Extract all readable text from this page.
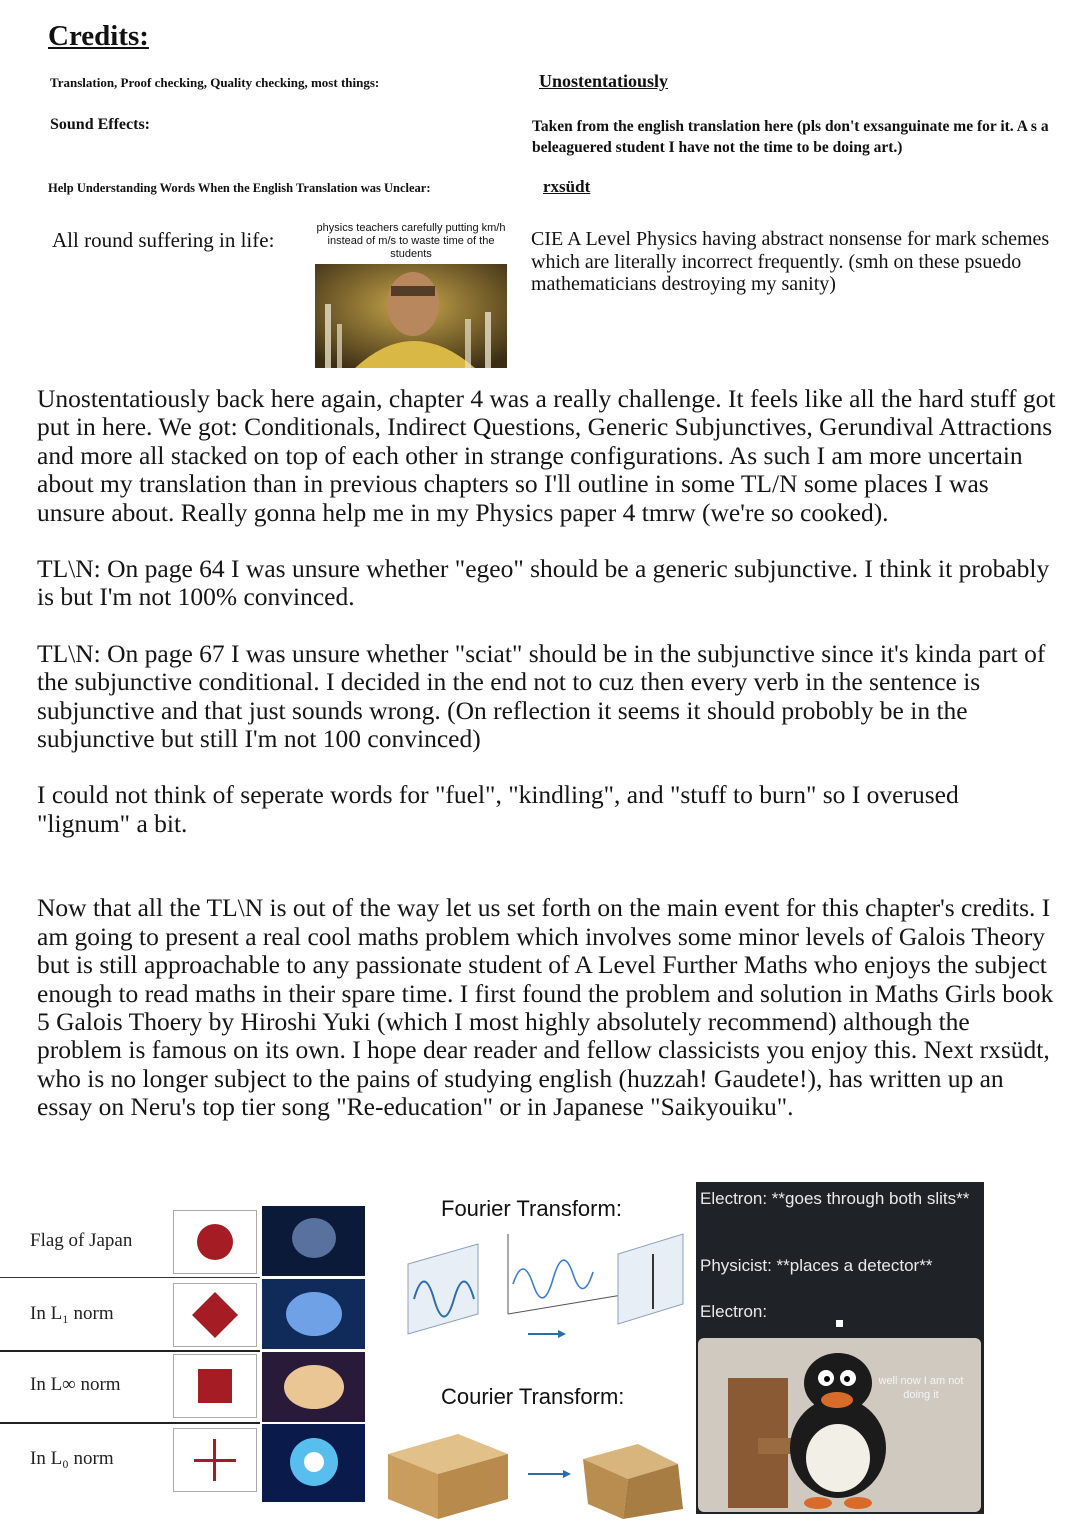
Credits:
Translation, Proof checking, Quality checking, most things:	Unostentatiously
Sound Effects:	Taken from the english translation here (pls don't exsanguinate me for it. A s a beleaguered student I have not the time to be doing art.)
Help Understanding Words When the English Translation was Unclear:	rxsüdt
All round suffering in life:	CIE A Level Physics having abstract nonsense for mark schemes which are literally incorrect frequently. (smh on these psuedo mathematicians destroying my sanity)
physics teachers carefully putting km/h instead of m/s to waste time of the students

Unostentatiously back here again, chapter 4 was a really challenge. It feels like all the hard stuff got put in here. We got: Conditionals, Indirect Questions, Generic Subjunctives, Gerundival Attractions and more all stacked on top of each other in strange configurations. As such I am more uncertain about my translation than in previous chapters so I'll outline in some TL/N some places I was unsure about. Really gonna help me in my Physics paper 4 tmrw (we're so cooked).

TL\N: On page 64 I was unsure whether "egeo" should be a generic subjunctive. I think it probably is but I'm not 100% convinced.

TL\N: On page 67 I was unsure whether "sciat" should be in the subjunctive since it's kinda part of the subjunctive conditional. I decided in the end not to cuz then every verb in the sentence is subjunctive and that just sounds wrong. (On reflection it seems it should probobly be in the subjunctive but still I'm not 100 convinced)

I could not think of seperate words for "fuel", "kindling", and "stuff to burn" so I overused "lignum" a bit.

Now that all the TL\N is out of the way let us set forth on the main event for this chapter's credits. I am going to present a real cool maths problem which involves some minor levels of Galois Theory but is still approachable to any passionate student of A Level Further Maths who enjoys the subject enough to read maths in their spare time. I first found the problem and solution in Maths Girls book 5 Galois Thoery by Hiroshi Yuki (which I most highly absolutely recommend) although the problem is famous on its own. I hope dear reader and fellow classicists you enjoy this. Next rxsüdt, who is no longer subject to the pains of studying english (huzzah! Gaudete!), has written up an essay on Neru's top tier song "Re-education" or in Japanese "Saikyouiku".

Flag of Japan
In L₁ norm
In L∞ norm
In L₀ norm
Fourier Transform:
Courier Transform:
Electron: **goes through both slits**
Physicist: **places a detector**
Electron:
well now I am not doing it
